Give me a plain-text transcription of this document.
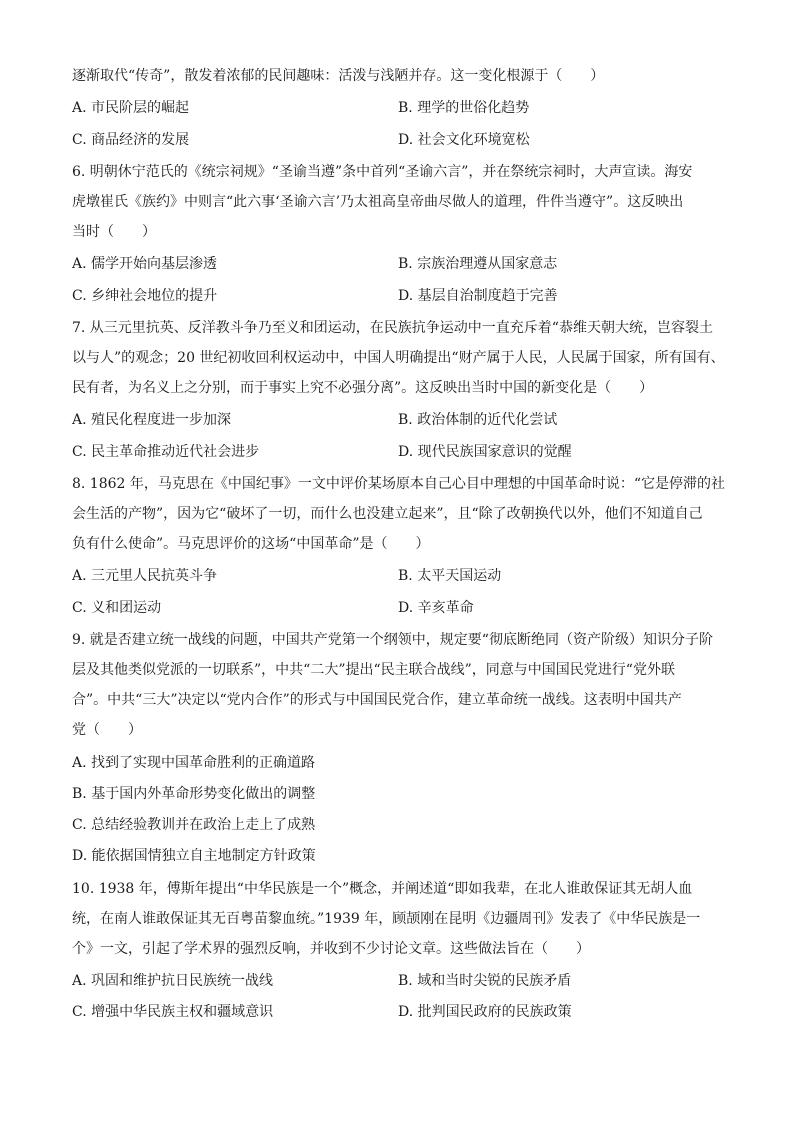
逐渐取代“传奇”，散发着浓郁的民间趣味：活泼与浅陋并存。这一变化根源于（　　）
A. 市民阶层的崛起	B. 理学的世俗化趋势
C. 商品经济的发展	D. 社会文化环境宽松
6. 明朝休宁范氏的《统宗祠规》“圣谕当遵”条中首列“圣谕六言”，并在祭统宗祠时，大声宣读。海安
虎墩崔氏《族约》中则言“此六事‘圣谕六言’乃太祖高皇帝曲尽做人的道理，件件当遵守”。这反映出
当时（　　）
A. 儒学开始向基层渗透	B. 宗族治理遵从国家意志
C. 乡绅社会地位的提升	D. 基层自治制度趋于完善
7. 从三元里抗英、反洋教斗争乃至义和团运动，在民族抗争运动中一直充斥着“恭维天朝大统，岂容裂土
以与人”的观念；20 世纪初收回利权运动中，中国人明确提出“财产属于人民，人民属于国家，所有国有、
民有者，为名义上之分别，而于事实上究不必强分离”。这反映出当时中国的新变化是（　　）
A. 殖民化程度进一步加深	B. 政治体制的近代化尝试
C. 民主革命推动近代社会进步	D. 现代民族国家意识的觉醒
8. 1862 年，马克思在《中国纪事》一文中评价某场原本自己心目中理想的中国革命时说：“它是停滞的社
会生活的产物”，因为它“破坏了一切，而什么也没建立起来”，且“除了改朝换代以外，他们不知道自己
负有什么使命”。马克思评价的这场“中国革命”是（　　）
A. 三元里人民抗英斗争	B. 太平天国运动
C. 义和团运动	D. 辛亥革命
9. 就是否建立统一战线的问题，中国共产党第一个纲领中，规定要“彻底断绝同（资产阶级）知识分子阶
层及其他类似党派的一切联系”，中共“二大”提出“民主联合战线”，同意与中国国民党进行“党外联
合”。中共“三大”决定以“党内合作”的形式与中国国民党合作，建立革命统一战线。这表明中国共产
党（　　）
A. 找到了实现中国革命胜利的正确道路
B. 基于国内外革命形势变化做出的调整
C. 总结经验教训并在政治上走上了成熟
D. 能依据国情独立自主地制定方针政策
10. 1938 年，傅斯年提出“中华民族是一个”概念，并阐述道“即如我辈，在北人谁敢保证其无胡人血
统，在南人谁敢保证其无百粤苗黎血统。”1939 年，顾颉刚在昆明《边疆周刊》发表了《中华民族是一
个》一文，引起了学术界的强烈反响，并收到不少讨论文章。这些做法旨在（　　）
A. 巩固和维护抗日民族统一战线	B. 域和当时尖锐的民族矛盾
C. 增强中华民族主权和疆域意识	D. 批判国民政府的民族政策
